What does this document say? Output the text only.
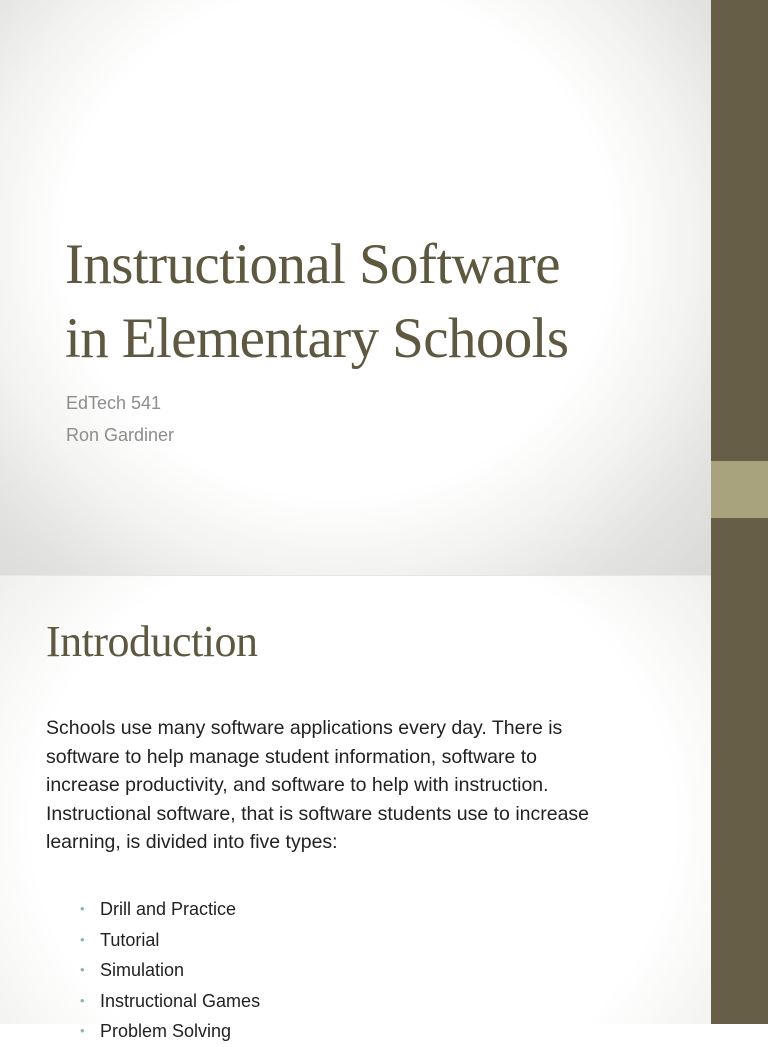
Instructional Software
in Elementary Schools
EdTech 541
Ron Gardiner
Introduction

Schools use many software applications every day. There is
software to help manage student information, software to
increase productivity, and software to help with instruction.
Instructional software, that is software students use to increase
learning, is divided into five types:

• Drill and Practice
• Tutorial
• Simulation
• Instructional Games
• Problem Solving
